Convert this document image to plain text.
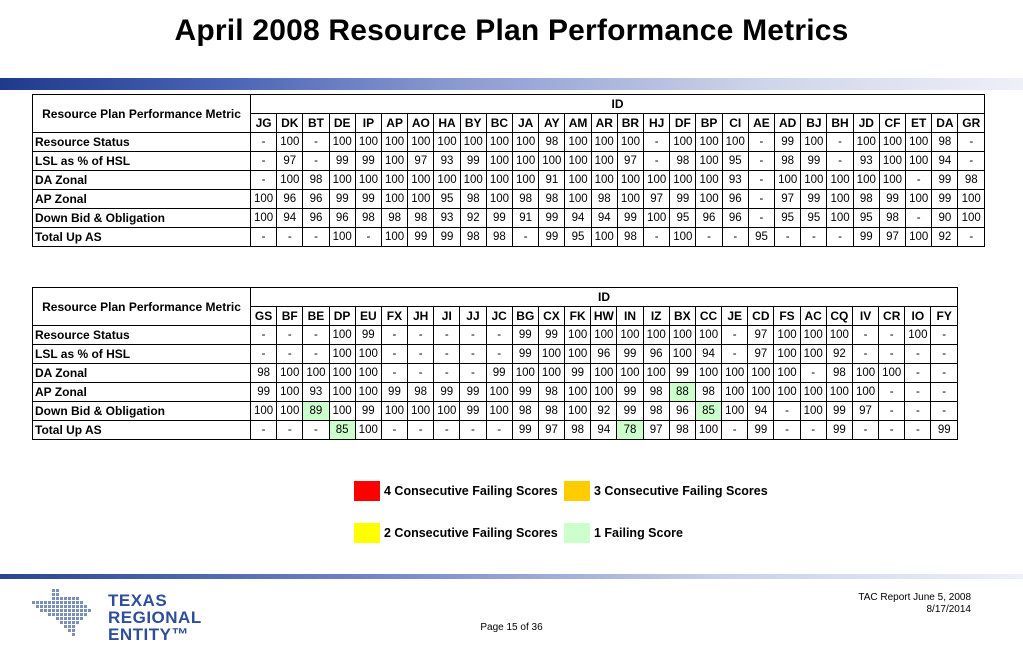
April 2008 Resource Plan Performance Metrics
Resource Plan Performance Metric	ID																											
	JG	DK	BT	DE	IP	AP	AO	HA	BY	BC	JA	AY	AM	AR	BR	HJ	DF	BP	CI	AE	AD	BJ	BH	JD	CF	ET	DA	GR
Resource Status	-	100	-	100	100	100	100	100	100	100	100	98	100	100	100	-	100	100	100	-	99	100	-	100	100	100	98	-
LSL as % of HSL	-	97	-	99	99	100	97	93	99	100	100	100	100	100	97	-	98	100	95	-	98	99	-	93	100	100	94	-
DA Zonal	-	100	98	100	100	100	100	100	100	100	100	91	100	100	100	100	100	100	93	-	100	100	100	100	100	-	99	98
AP Zonal	100	96	96	99	99	100	100	95	98	100	98	98	100	98	100	97	99	100	96	-	97	99	100	98	99	100	99	100
Down Bid & Obligation	100	94	96	96	98	98	98	93	92	99	91	99	94	94	99	100	95	96	96	-	95	95	100	95	98	-	90	100
Total Up AS	-	-	-	100	-	100	99	99	98	98	-	99	95	100	98	-	100	-	-	95	-	-	-	99	97	100	92	-
Resource Plan Performance Metric	ID																										
	GS	BF	BE	DP	EU	FX	JH	JI	JJ	JC	BG	CX	FK	HW	IN	IZ	BX	CC	JE	CD	FS	AC	CQ	IV	CR	IO	FY
Resource Status	-	-	-	100	99	-	-	-	-	-	99	99	100	100	100	100	100	100	-	97	100	100	100	-	-	100	-
LSL as % of HSL	-	-	-	100	100	-	-	-	-	-	99	100	100	96	99	96	100	94	-	97	100	100	92	-	-	-	-
DA Zonal	98	100	100	100	100	-	-	-	-	99	100	100	99	100	100	100	99	100	100	100	100	-	98	100	100	-	-
AP Zonal	99	100	93	100	100	99	98	99	99	100	99	98	100	100	99	98	88	98	100	100	100	100	100	100	-	-	-
Down Bid & Obligation	100	100	89	100	99	100	100	100	99	100	98	98	100	92	99	98	96	85	100	94	-	100	99	97	-	-	-
Total Up AS	-	-	-	85	100	-	-	-	-	-	99	97	98	94	78	97	98	100	-	99	-	-	99	-	-	-	99
4 Consecutive Failing Scores	3 Consecutive Failing Scores
2 Consecutive Failing Scores	1 Failing Score
TEXAS
REGIONAL
ENTITY™
TAC Report June 5, 2008
8/17/2014
Page 15 of 36
